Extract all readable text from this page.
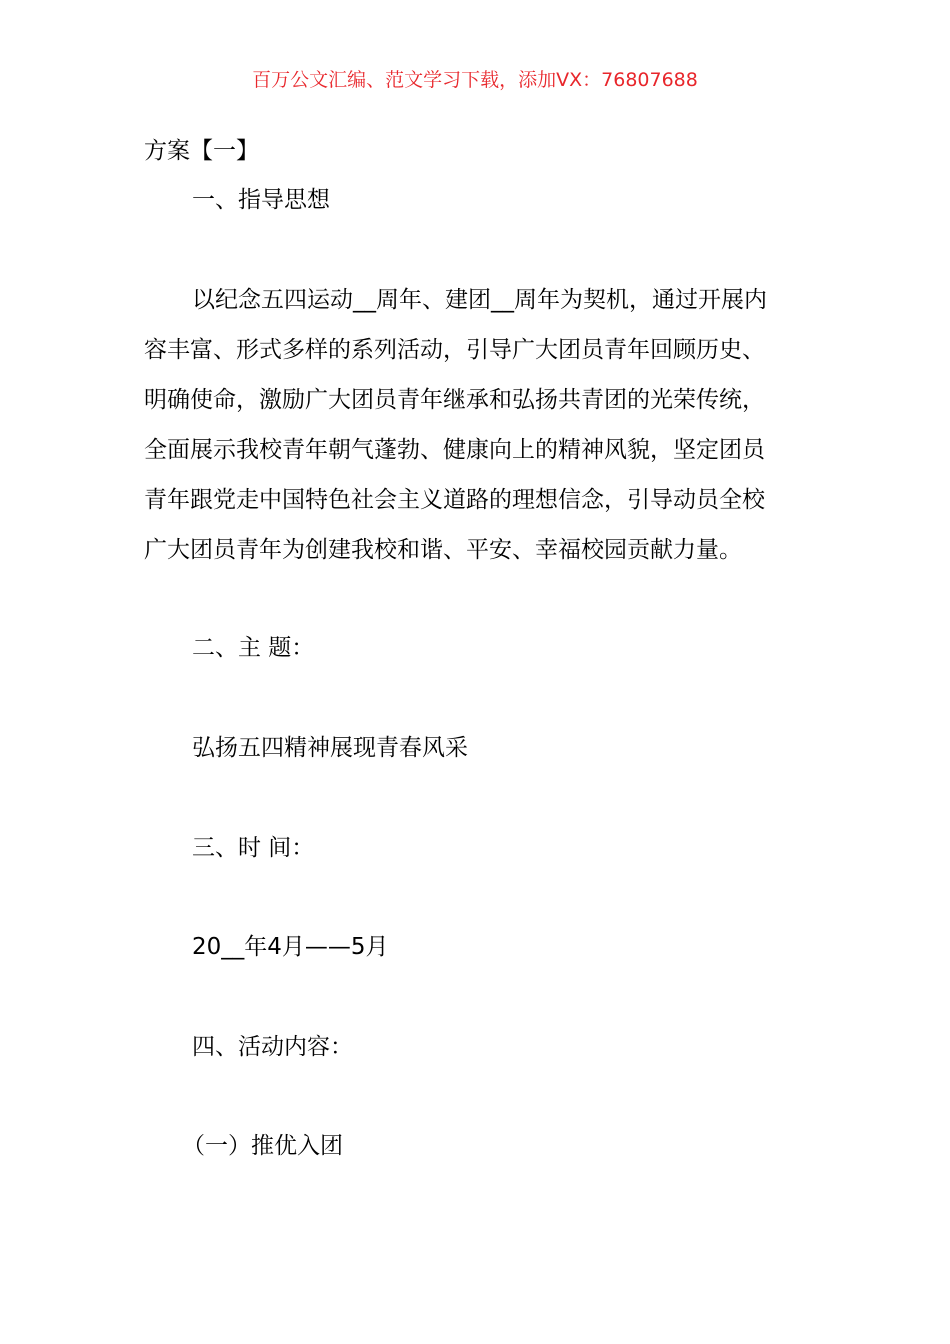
百万公文汇编、范文学习下载，添加VX：76807688
方案【一】
一、指导思想
以纪念五四运动__周年、建团__周年为契机，通过开展内
容丰富、形式多样的系列活动，引导广大团员青年回顾历史、
明确使命，激励广大团员青年继承和弘扬共青团的光荣传统，
全面展示我校青年朝气蓬勃、健康向上的精神风貌，坚定团员
青年跟党走中国特色社会主义道路的理想信念，引导动员全校
广大团员青年为创建我校和谐、平安、幸福校园贡献力量。
二、主 题：
弘扬五四精神展现青春风采
三、时 间：
20__年4月——5月
四、活动内容：
（一）推优入团
